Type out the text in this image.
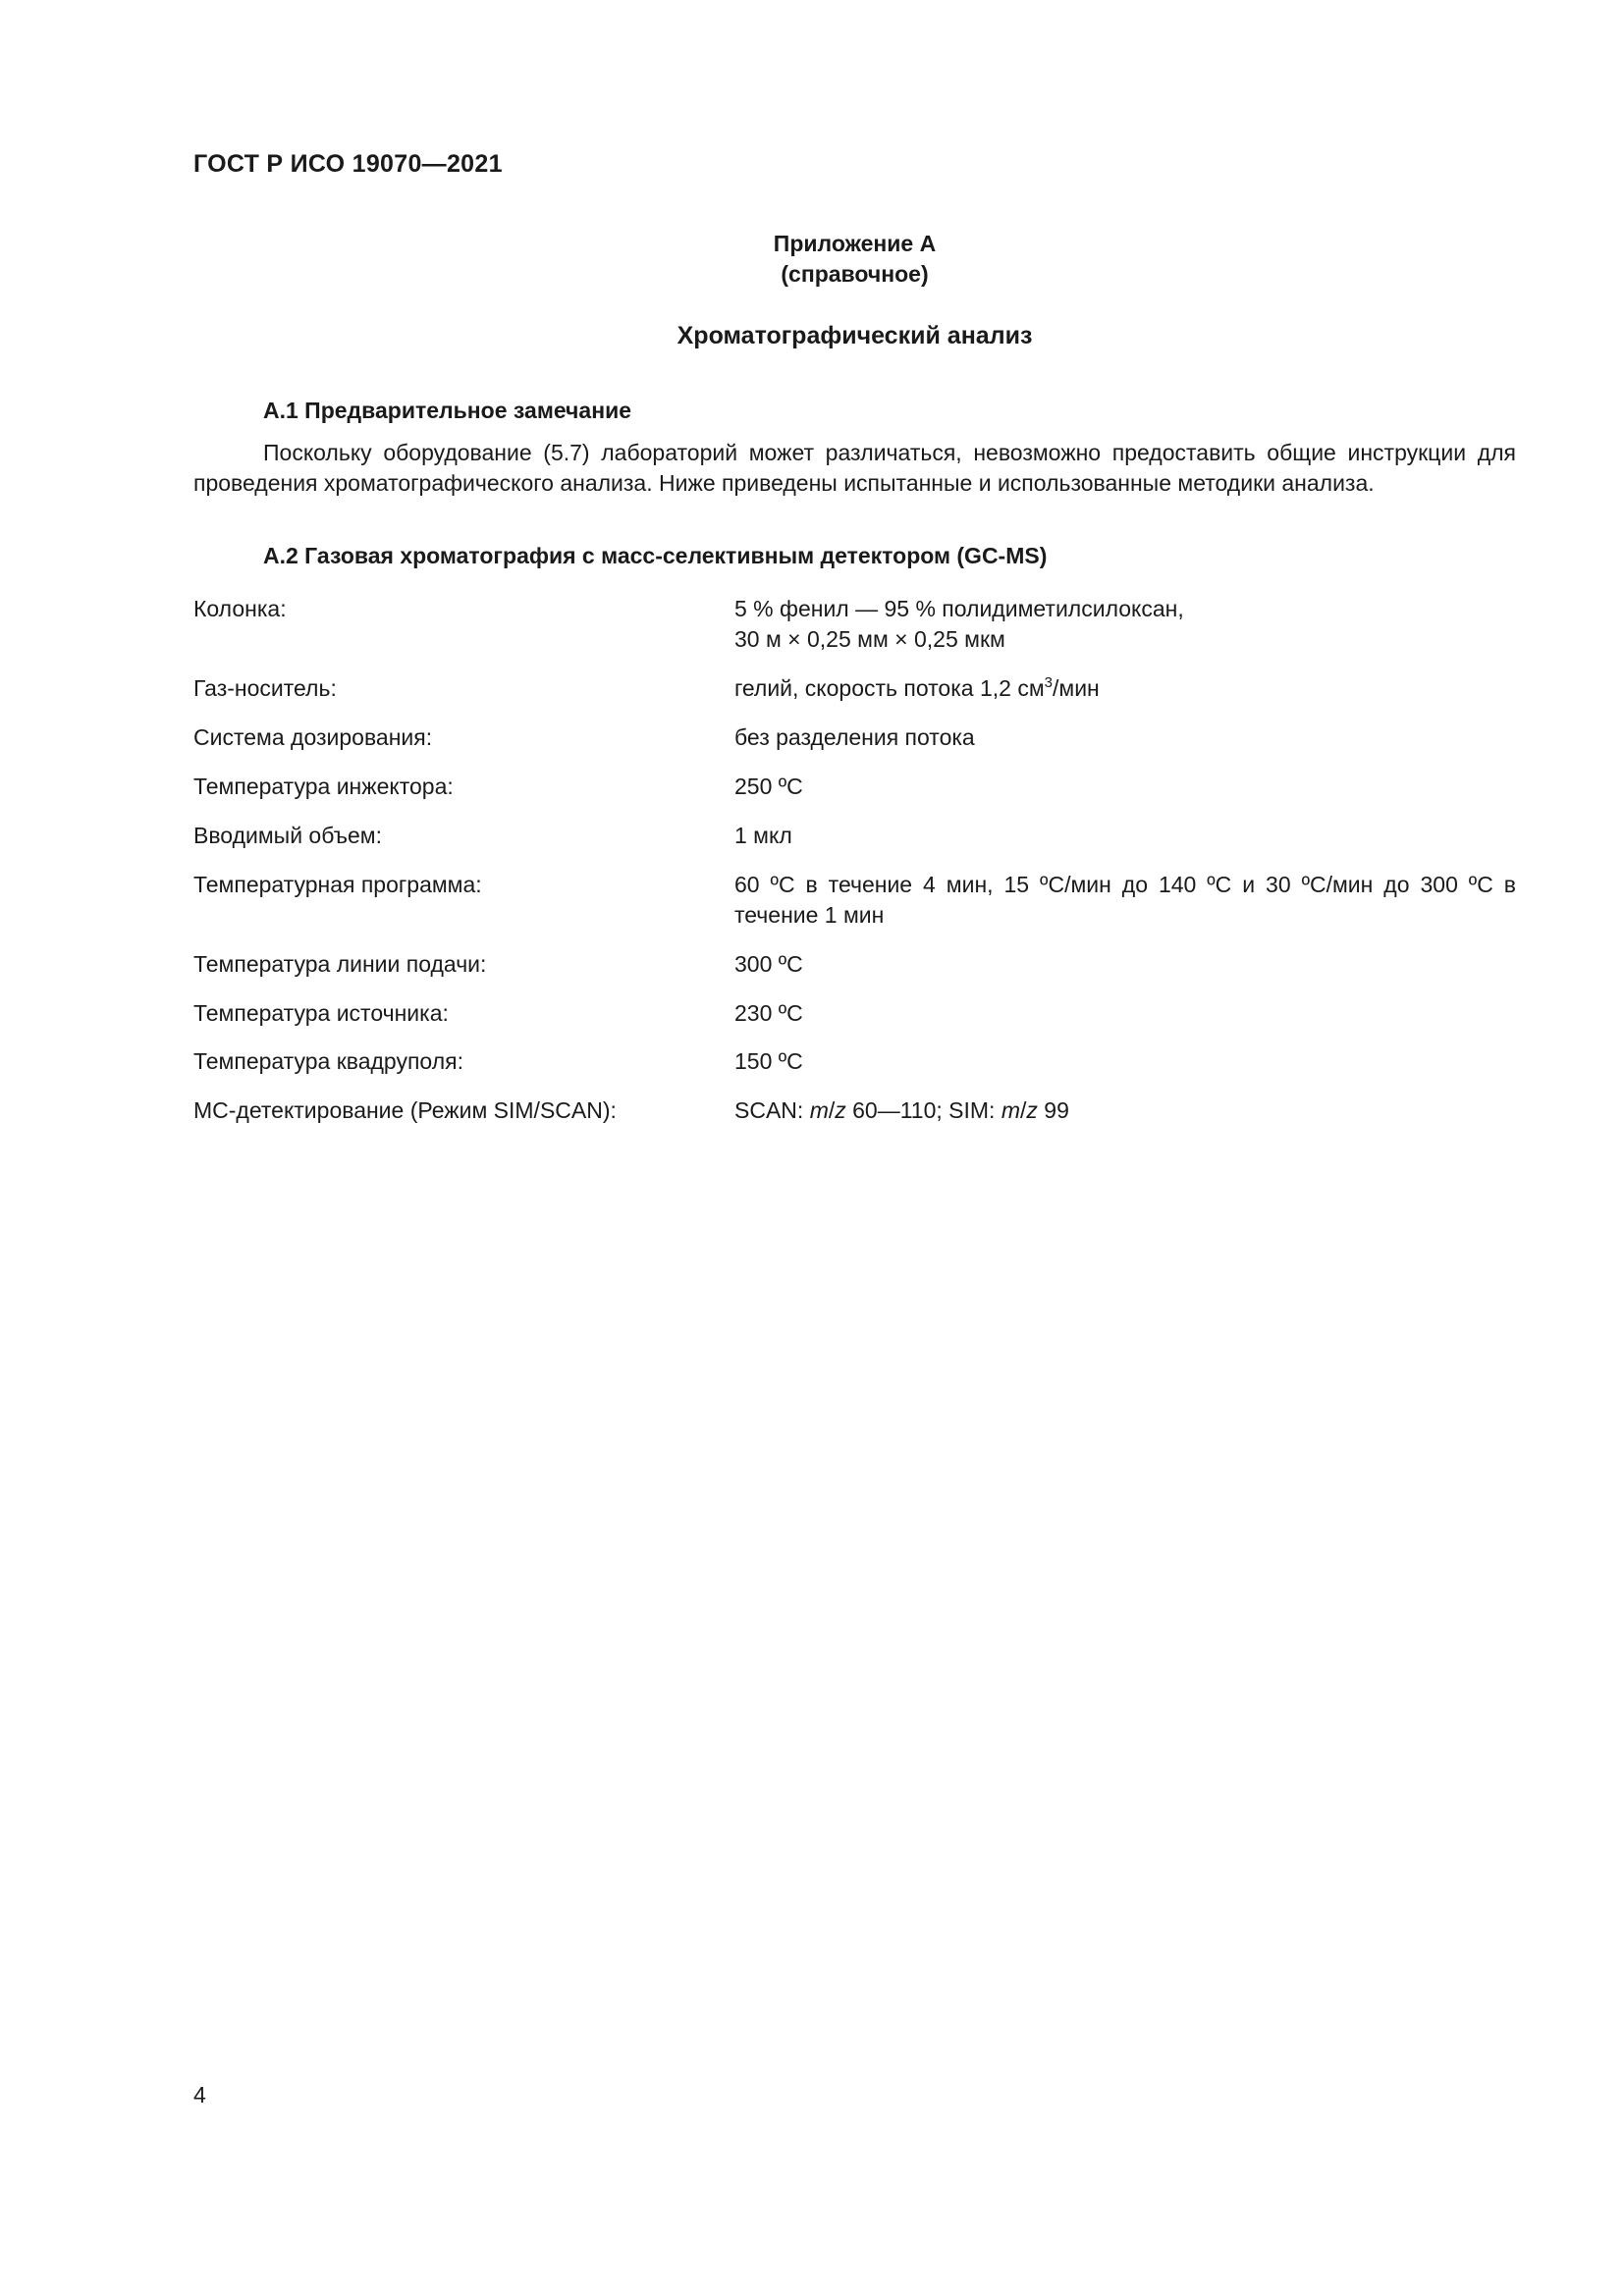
ГОСТ Р ИСО 19070—2021
Приложение А
(справочное)
Хроматографический анализ
А.1 Предварительное замечание
Поскольку оборудование (5.7) лабораторий может различаться, невозможно предоставить общие инструкции для проведения хроматографического анализа. Ниже приведены испытанные и использованные методики анализа.
А.2 Газовая хроматография с масс-селективным детектором (GC-MS)
Колонка:	5 % фенил — 95 % полидиметилсилоксан,
30 м × 0,25 мм × 0,25 мкм
Газ-носитель:	гелий, скорость потока 1,2 $см^3$/мин
Система дозирования:	без разделения потока
Температура инжектора:	250 ºС
Вводимый объем:	1 мкл
Температурная программа:	60 ºС в течение 4 мин, 15 ºС/мин до 140 ºС и 30 ºС/мин до 300 ºС в течение 1 мин
Температура линии подачи:	300 ºС
Температура источника:	230 ºС
Температура квадруполя:	150 ºС
МС-детектирование (Режим SIM/SCAN):	SCAN: m/z 60—110; SIM: m/z 99
4
